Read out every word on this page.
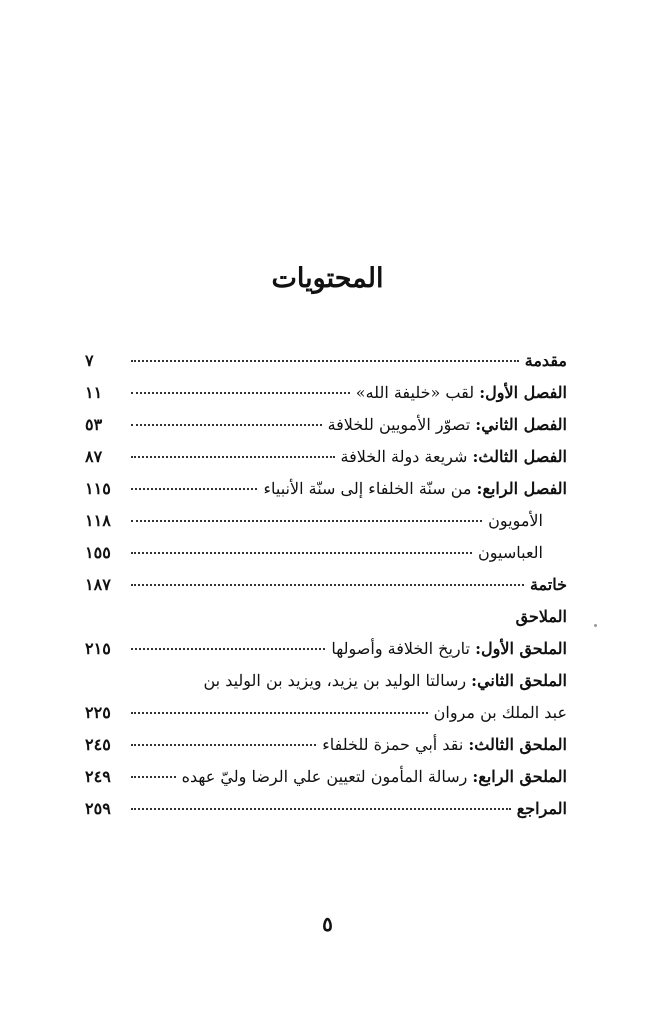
المحتويات
مقدمة
٧
الفصل الأول: لقب «خليفة الله»
١١
الفصل الثاني: تصوّر الأمويين للخلافة
٥٣
الفصل الثالث: شريعة دولة الخلافة
٨٧
الفصل الرابع: من سنّة الخلفاء إلى سنّة الأنبياء
١١٥
الأمويون
١١٨
العباسيون
١٥٥
خاتمة
١٨٧
الملاحق
الملحق الأول: تاريخ الخلافة وأصولها
٢١٥
الملحق الثاني: رسالتا الوليد بن يزيد، ويزيد بن الوليد بن
عبد الملك بن مروان
٢٢٥
الملحق الثالث: نقد أبي حمزة للخلفاء
٢٤٥
الملحق الرابع: رسالة المأمون لتعيين علي الرضا وليّ عهده
٢٤٩
المراجع
٢٥٩
٥
